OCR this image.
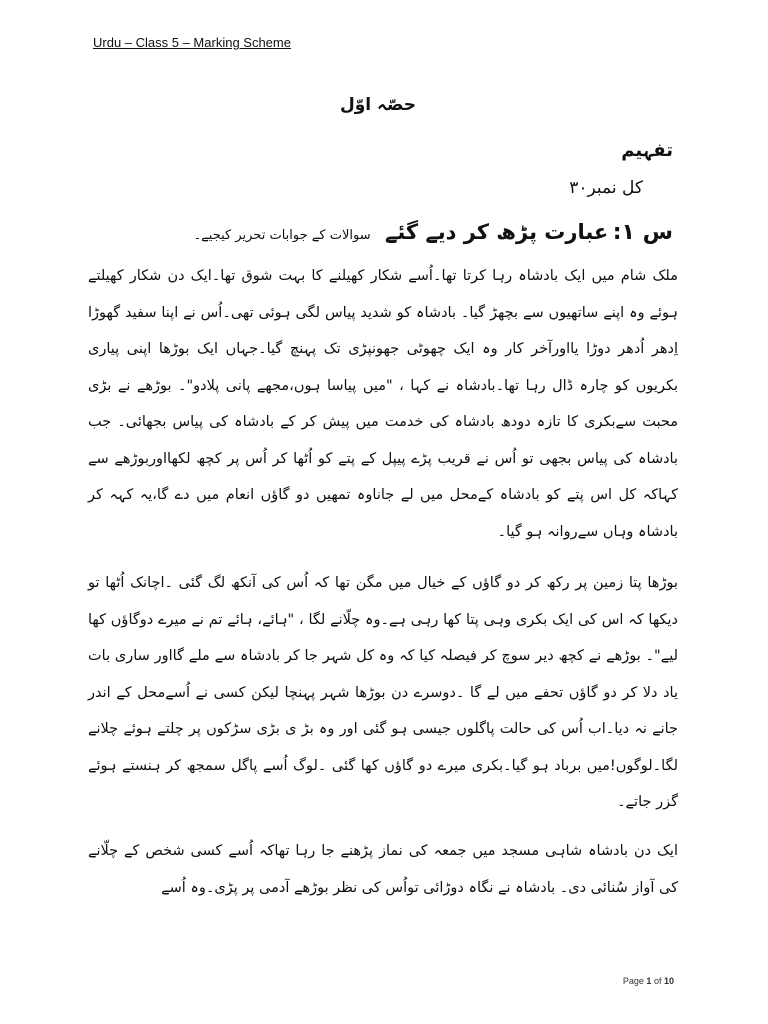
Urdu – Class 5 – Marking Scheme
حصّہ اوّل
تفہیم
کل نمبر۳۰
س ۱: عبارت پڑھ کر دیے گئے سوالات کے جوابات تحریر کیجیے۔
ملک شام میں ایک بادشاہ رہا کرتا تھا۔اُسے شکار کھیلنے کا بہت شوق تھا۔ایک دن شکار کھیلتے ہوئے وہ اپنے ساتھیوں سے بچھڑ گیا۔ بادشاہ کو شدید پیاس لگی ہوئی تھی۔اُس نے اپنا سفید گھوڑا اِدھر اُدھر دوڑا یااورآخر کار وہ ایک چھوٹی جھونپڑی تک پہنچ گیا۔جہاں ایک بوڑھا اپنی پیاری بکریوں کو چارہ ڈال رہا تھا۔بادشاہ نے کہا ، "میں پیاسا ہوں،مجھے پانی پلادو"۔ بوڑھے نے بڑی محبت سےبکری کا تازہ دودھ بادشاہ کی خدمت میں پیش کر کے بادشاہ کی پیاس بجھائی۔ جب بادشاہ کی پیاس بجھی تو اُس نے قریب پڑے پیپل کے پتے کو اُٹھا کر اُس پر کچھ لکھااوربوڑھے سے کہاکہ کل اس پتے کو بادشاہ کےمحل میں لے جاناوہ تمھیں دو گاؤں انعام میں دے گا،یہ کہہ کر بادشاہ وہاں سےروانہ ہو گیا۔
بوڑھا پتا زمین پر رکھ کر دو گاؤں کے خیال میں مگن تھا کہ اُس کی آنکھ لگ گئی ۔اچانک اُٹھا تو دیکھا کہ اس کی ایک بکری وہی پتا کھا رہی ہے۔وہ چلّانے لگا ، "ہائے، ہائے تم نے میرے دوگاؤں کھا لیے"۔ بوڑھے نے کچھ دیر سوچ کر فیصلہ کیا کہ وہ کل شہر جا کر بادشاہ سے ملے گااور ساری بات یاد دلا کر دو گاؤں تحفے میں لے گا ۔دوسرے دن بوڑھا شہر پہنچا لیکن کسی نے اُسےمحل کے اندر جانے نہ دیا۔اب اُس کی حالت پاگلوں جیسی ہو گئی اور وہ بڑ ی بڑی سڑکوں پر چلتے ہوئے چلانے لگا۔لوگوں!میں برباد ہو گیا۔بکری میرے دو گاؤں کھا گئی ۔لوگ اُسے پاگل سمجھ کر ہنستے ہوئے گزر جاتے۔
ایک دن بادشاہ شاہی مسجد میں جمعہ کی نماز پڑھنے جا رہا تھاکہ اُسے کسی شخص کے چلّانے کی آواز سُنائی دی۔ بادشاہ نے نگاہ دوڑائی تواُس کی نظر بوڑھے آدمی پر پڑی۔وہ اُسے
Page 1 of 10
